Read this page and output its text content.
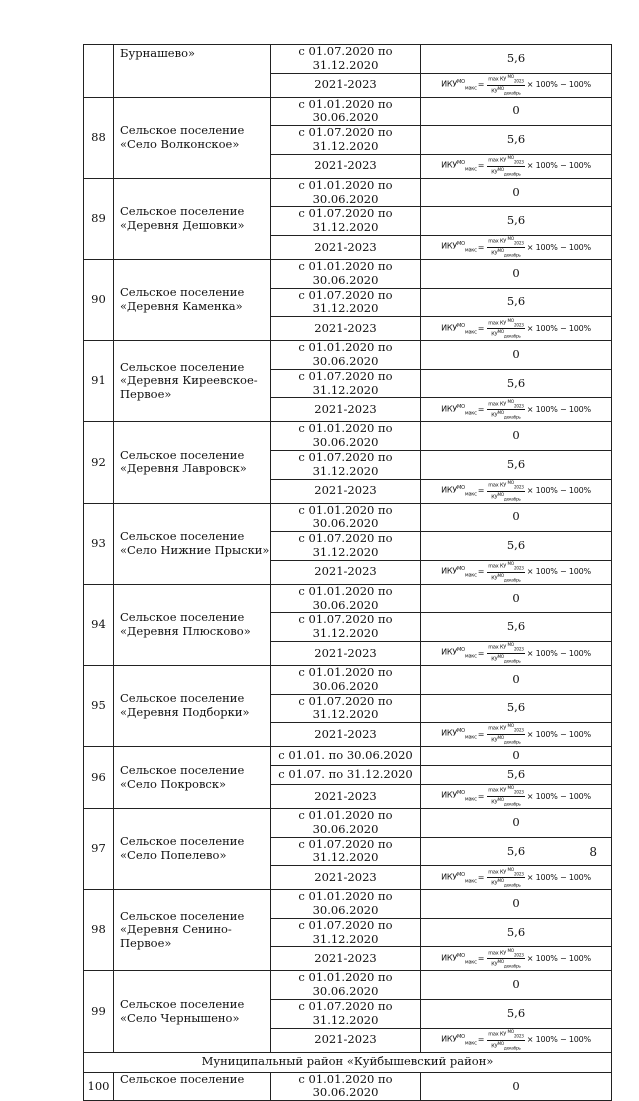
	Бурнашево»	с 01.07.2020 по 31.12.2020	5,6
		2021-2023	$ИКУ^{МО}_{макс} = \frac{\max КУ ^{МО}_{2023}}{КУ^{МО}_{декабрь}} \times 100\% - 100\%$

88	Сельское поселение «Село Волконское»	с 01.01.2020 по 30.06.2020	0
		с 01.07.2020 по 31.12.2020	5,6
		2021-2023	$ИКУ^{МО}_{макс} = \frac{\max КУ ^{МО}_{2023}}{КУ^{МО}_{декабрь}} \times 100\% - 100\%$

89	Сельское поселение «Деревня Дешовки»	с 01.01.2020 по 30.06.2020	0
		с 01.07.2020 по 31.12.2020	5,6
		2021-2023	$ИКУ^{МО}_{макс} = \frac{\max КУ ^{МО}_{2023}}{КУ^{МО}_{декабрь}} \times 100\% - 100\%$

90	Сельское поселение «Деревня Каменка»	с 01.01.2020 по 30.06.2020	0
		с 01.07.2020 по 31.12.2020	5,6
		2021-2023	$ИКУ^{МО}_{макс} = \frac{\max КУ ^{МО}_{2023}}{КУ^{МО}_{декабрь}} \times 100\% - 100\%$

91	Сельское поселение «Деревня Киреевское-Первое»	с 01.01.2020 по 30.06.2020	0
		с 01.07.2020 по 31.12.2020	5,6
		2021-2023	$ИКУ^{МО}_{макс} = \frac{\max КУ ^{МО}_{2023}}{КУ^{МО}_{декабрь}} \times 100\% - 100\%$

92	Сельское поселение «Деревня Лавровск»	с 01.01.2020 по 30.06.2020	0
		с 01.07.2020 по 31.12.2020	5,6
		2021-2023	$ИКУ^{МО}_{макс} = \frac{\max КУ ^{МО}_{2023}}{КУ^{МО}_{декабрь}} \times 100\% - 100\%$

93	Сельское поселение «Село Нижние Прыски»	с 01.01.2020 по 30.06.2020	0
		с 01.07.2020 по 31.12.2020	5,6
		2021-2023	$ИКУ^{МО}_{макс} = \frac{\max КУ ^{МО}_{2023}}{КУ^{МО}_{декабрь}} \times 100\% - 100\%$

94	Сельское поселение «Деревня Плюсково»	с 01.01.2020 по 30.06.2020	0
		с 01.07.2020 по 31.12.2020	5,6
		2021-2023	$ИКУ^{МО}_{макс} = \frac{\max КУ ^{МО}_{2023}}{КУ^{МО}_{декабрь}} \times 100\% - 100\%$

95	Сельское поселение «Деревня Подборки»	с 01.01.2020 по 30.06.2020	0
		с 01.07.2020 по 31.12.2020	5,6
		2021-2023	$ИКУ^{МО}_{макс} = \frac{\max КУ ^{МО}_{2023}}{КУ^{МО}_{декабрь}} \times 100\% - 100\%$

96	Сельское поселение «Село Покровск»	с 01.01. по 30.06.2020	0
		с 01.07. по 31.12.2020	5,6
		2021-2023	$ИКУ^{МО}_{макс} = \frac{\max КУ ^{МО}_{2023}}{КУ^{МО}_{декабрь}} \times 100\% - 100\%$

97	Сельское поселение «Село Попелево»	с 01.01.2020 по 30.06.2020	0
		с 01.07.2020 по 31.12.2020	5,6
		2021-2023	$ИКУ^{МО}_{макс} = \frac{\max КУ ^{МО}_{2023}}{КУ^{МО}_{декабрь}} \times 100\% - 100\%$

98	Сельское поселение «Деревня Сенино-Первое»	с 01.01.2020 по 30.06.2020	0
		с 01.07.2020 по 31.12.2020	5,6
		2021-2023	$ИКУ^{МО}_{макс} = \frac{\max КУ ^{МО}_{2023}}{КУ^{МО}_{декабрь}} \times 100\% - 100\%$

99	Сельское поселение «Село Чернышено»	с 01.01.2020 по 30.06.2020	0
		с 01.07.2020 по 31.12.2020	5,6
		2021-2023	$ИКУ^{МО}_{макс} = \frac{\max КУ ^{МО}_{2023}}{КУ^{МО}_{декабрь}} \times 100\% - 100\%$

Муниципальный район «Куйбышевский район»			
100	Сельское поселение	с 01.01.2020 по 30.06.2020	0
8
